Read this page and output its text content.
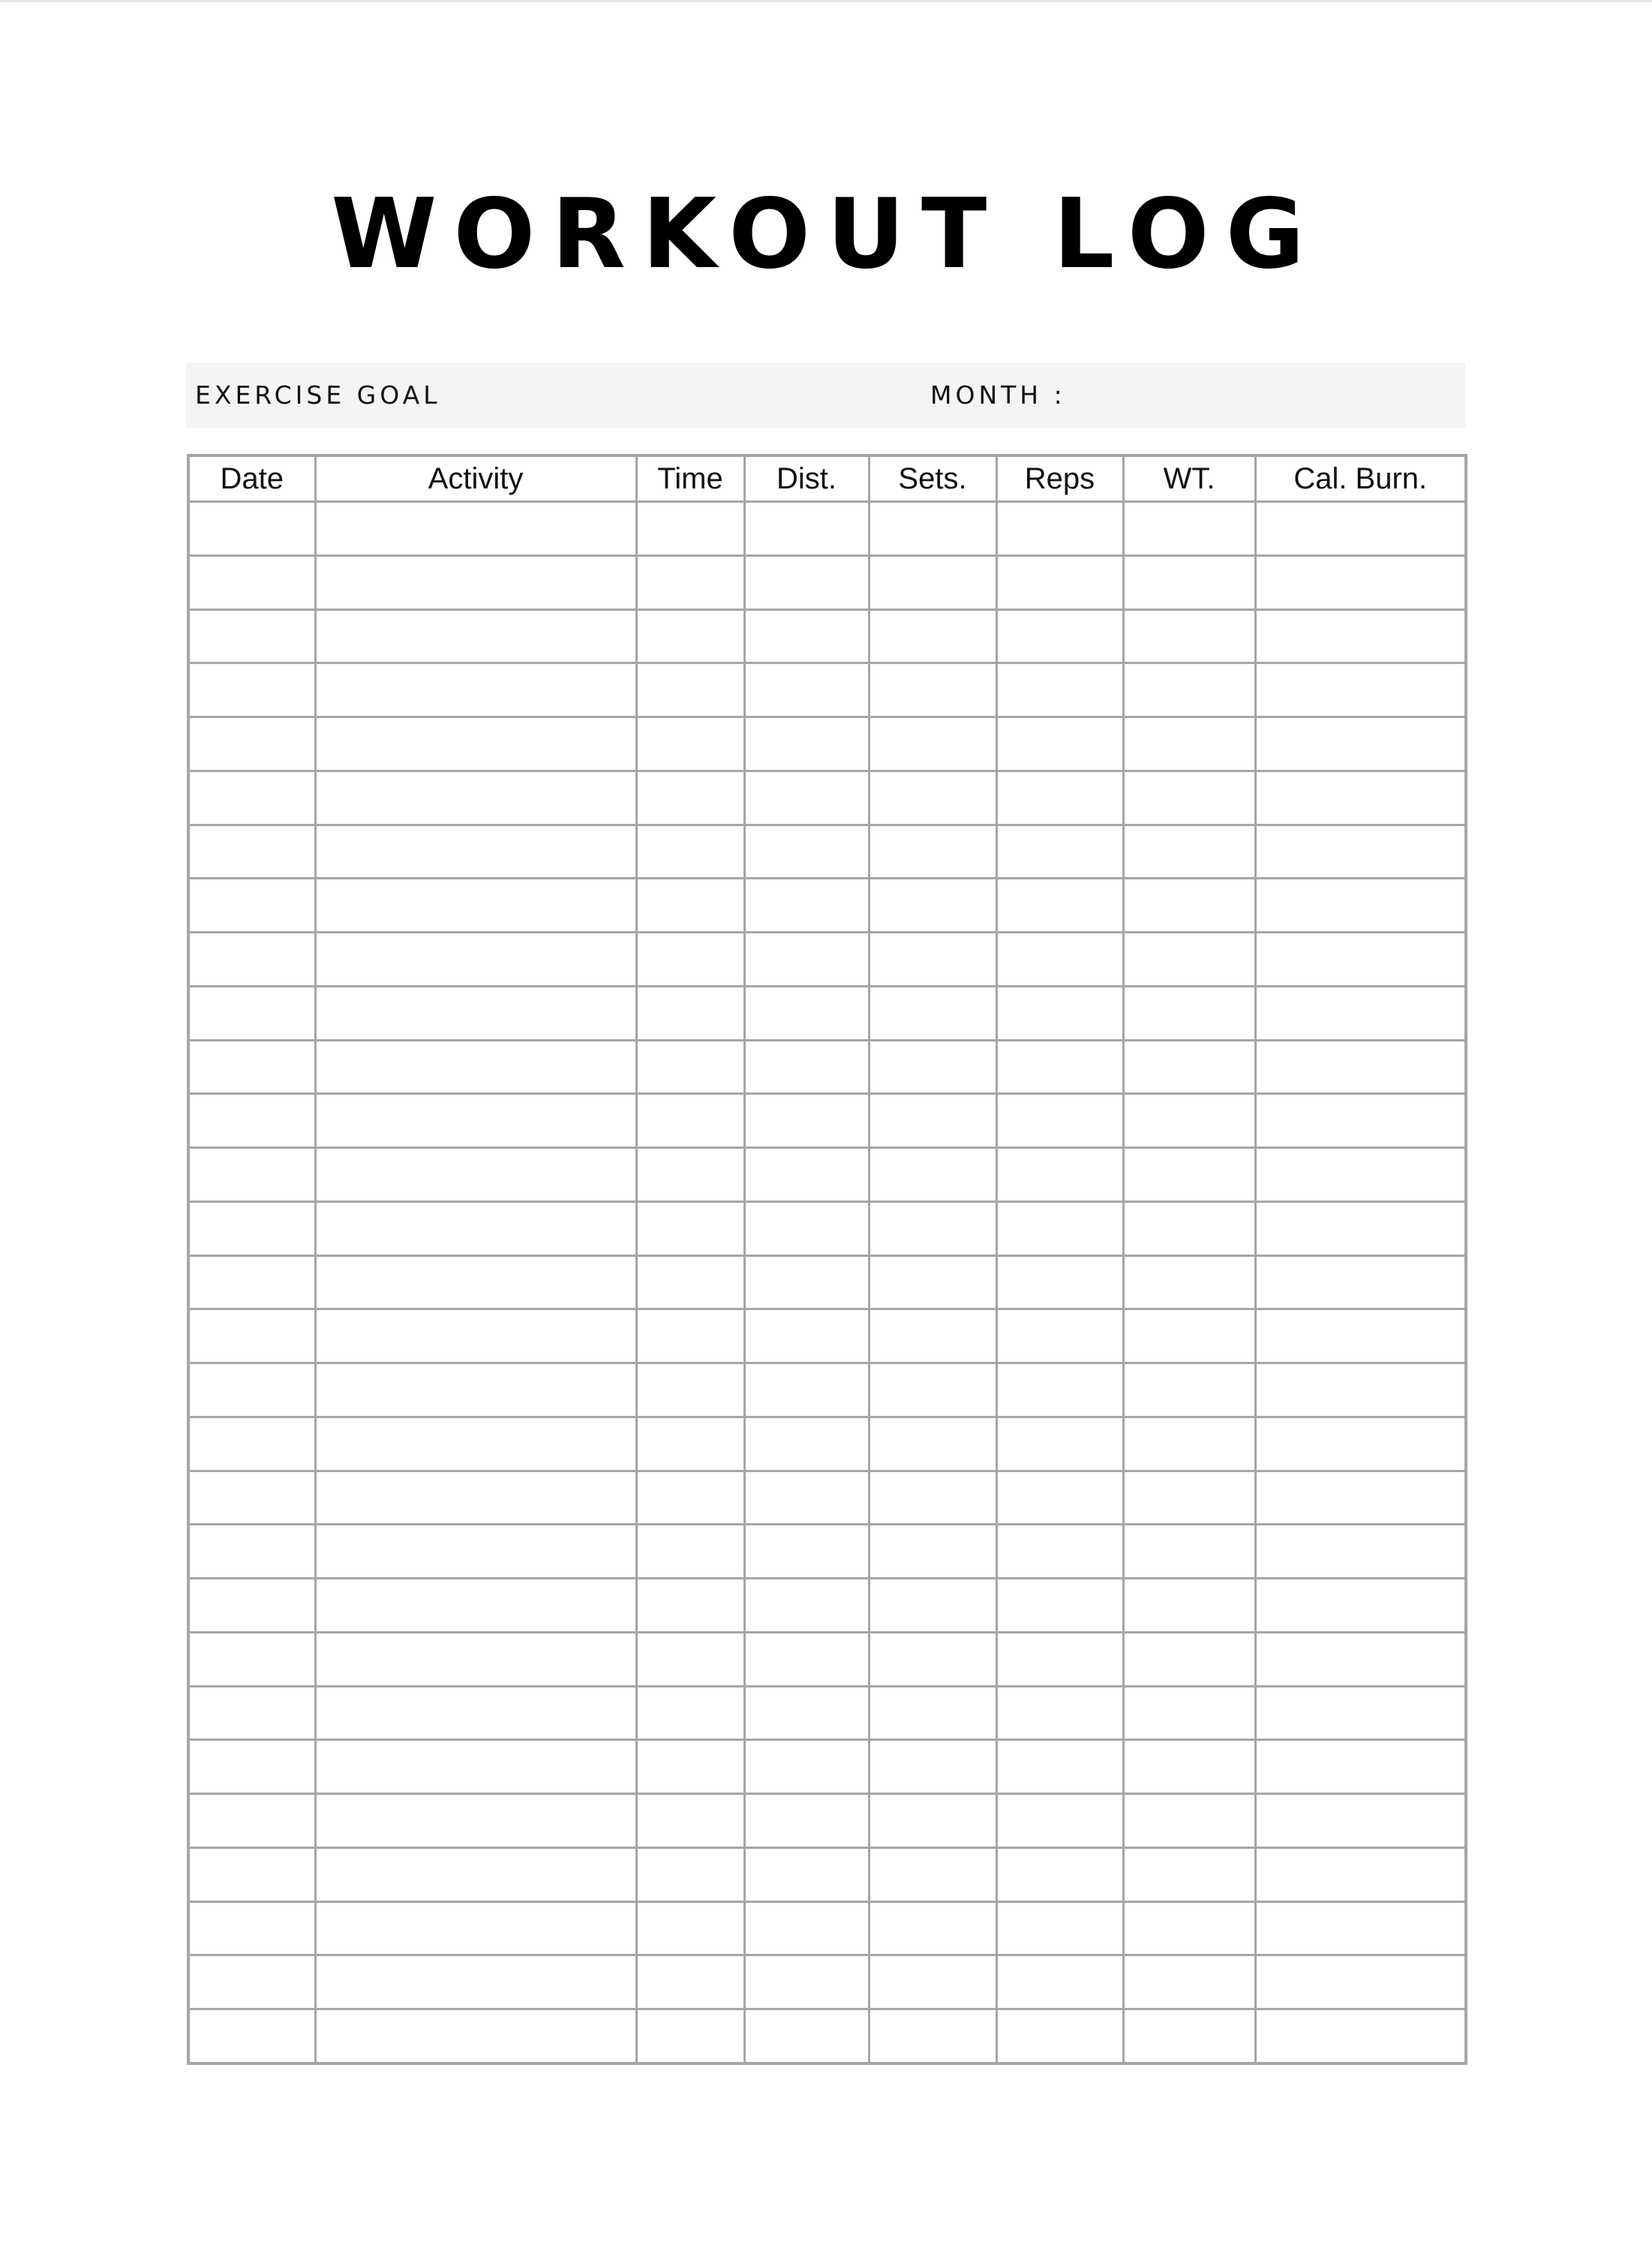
WORKOUT LOG
EXERCISE GOAL	MONTH :
Date	Activity	Time	Dist.	Sets.	Reps	WT.	Cal. Burn.
